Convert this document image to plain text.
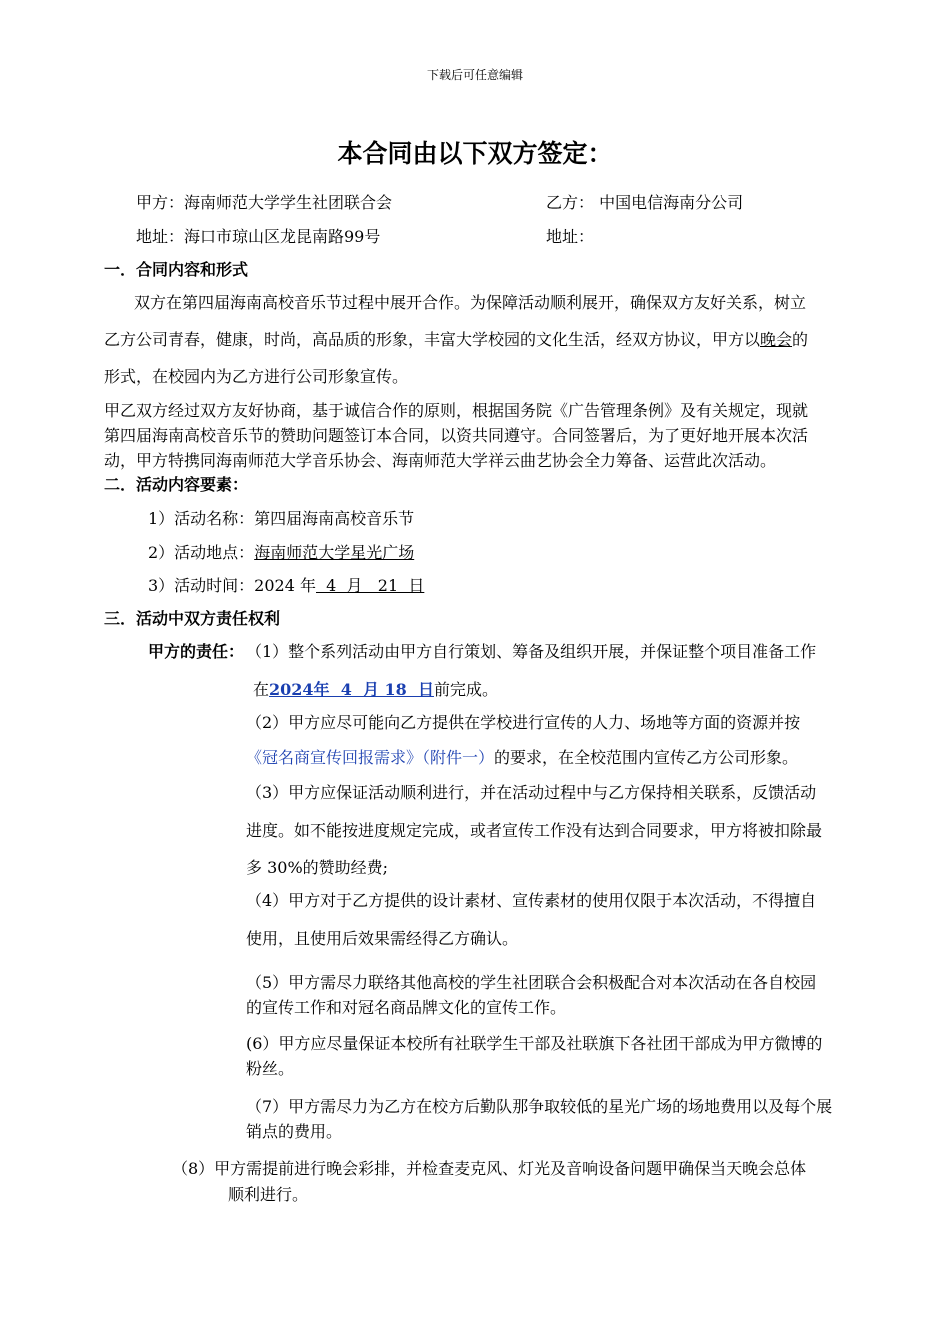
下载后可任意编辑
本合同由以下双方签定：
甲方：海南师范大学学生社团联合会	乙方： 中国电信海南分公司
地址：海口市琼山区龙昆南路99号	地址：
一．合同内容和形式
双方在第四届海南高校音乐节过程中展开合作。为保障活动顺利展开，确保双方友好关系，树立
乙方公司青春，健康，时尚，高品质的形象，丰富大学校园的文化生活，经双方协议，甲方以晚会的
形式，在校园内为乙方进行公司形象宣传。
甲乙双方经过双方友好协商，基于诚信合作的原则，根据国务院《广告管理条例》及有关规定，现就
第四届海南高校音乐节的赞助问题签订本合同，以资共同遵守。合同签署后，为了更好地开展本次活
动，甲方特携同海南师范大学音乐协会、海南师范大学祥云曲艺协会全力筹备、运营此次活动。
二．活动内容要素：
1）活动名称：第四届海南高校音乐节
2）活动地点：海南师范大学星光广场
3）活动时间：2024 年  4  月   21  日
三．活动中双方责任权利
甲方的责任： （1）整个系列活动由甲方自行策划、筹备及组织开展，并保证整个项目准备工作
在2024年  4  月 18  日前完成。
（2）甲方应尽可能向乙方提供在学校进行宣传的人力、场地等方面的资源并按
《冠名商宣传回报需求》（附件一）的要求，在全校范围内宣传乙方公司形象。
（3）甲方应保证活动顺利进行，并在活动过程中与乙方保持相关联系，反馈活动
进度。如不能按进度规定完成，或者宣传工作没有达到合同要求，甲方将被扣除最
多 30%的赞助经费;
（4）甲方对于乙方提供的设计素材、宣传素材的使用仅限于本次活动，不得擅自
使用，且使用后效果需经得乙方确认。
（5）甲方需尽力联络其他高校的学生社团联合会积极配合对本次活动在各自校园
的宣传工作和对冠名商品牌文化的宣传工作。
(6）甲方应尽量保证本校所有社联学生干部及社联旗下各社团干部成为甲方微博的
粉丝。
（7）甲方需尽力为乙方在校方后勤队那争取较低的星光广场的场地费用以及每个展
销点的费用。
（8）甲方需提前进行晚会彩排，并检查麦克风、灯光及音响设备问题甲确保当天晚会总体
顺利进行。
